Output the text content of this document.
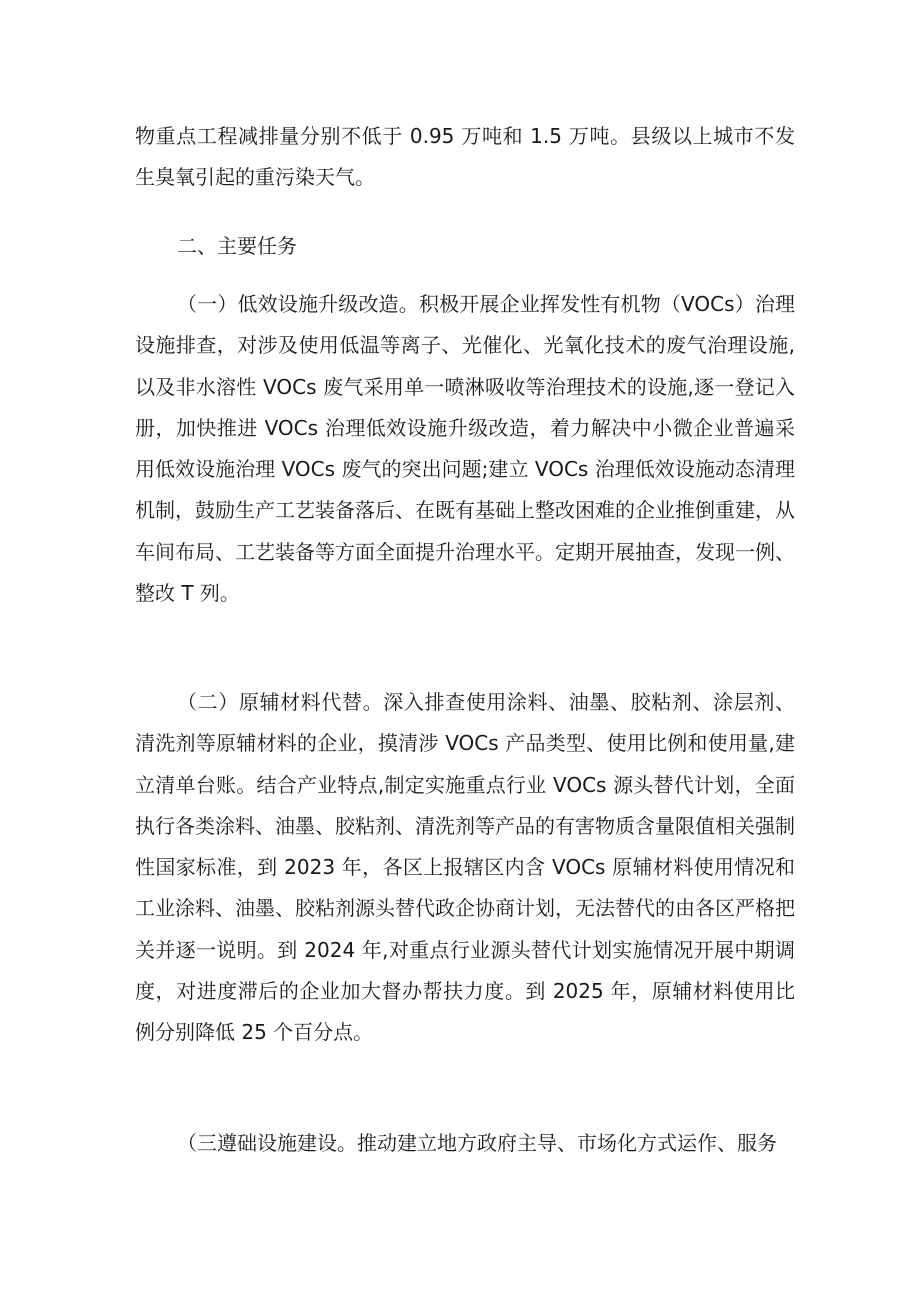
物重点工程减排量分别不低于 0.95 万吨和 1.5 万吨。县级以上城市不发生臭氧引起的重污染天气。

二、主要任务

（一）低效设施升级改造。积极开展企业挥发性有机物（VOCs）治理设施排查，对涉及使用低温等离子、光催化、光氧化技术的废气治理设施,以及非水溶性 VOCs 废气采用单一喷淋吸收等治理技术的设施,逐一登记入册，加快推进 VOCs 治理低效设施升级改造，着力解决中小微企业普遍采用低效设施治理 VOCs 废气的突出问题;建立 VOCs 治理低效设施动态清理机制，鼓励生产工艺装备落后、在既有基础上整改困难的企业推倒重建，从车间布局、工艺装备等方面全面提升治理水平。定期开展抽查，发现一例、整改 T 列。

（二）原辅材料代替。深入排查使用涂料、油墨、胶粘剂、涂层剂、清洗剂等原辅材料的企业，摸清涉 VOCs 产品类型、使用比例和使用量,建立清单台账。结合产业特点,制定实施重点行业 VOCs 源头替代计划，全面执行各类涂料、油墨、胶粘剂、清洗剂等产品的有害物质含量限值相关强制性国家标准，到 2023 年，各区上报辖区内含 VOCs 原辅材料使用情况和工业涂料、油墨、胶粘剂源头替代政企协商计划，无法替代的由各区严格把关并逐一说明。到 2024 年,对重点行业源头替代计划实施情况开展中期调度，对进度滞后的企业加大督办帮扶力度。到 2025 年，原辅材料使用比例分别降低 25 个百分点。

（三遵础设施建设。推动建立地方政府主导、市场化方式运作、服务
